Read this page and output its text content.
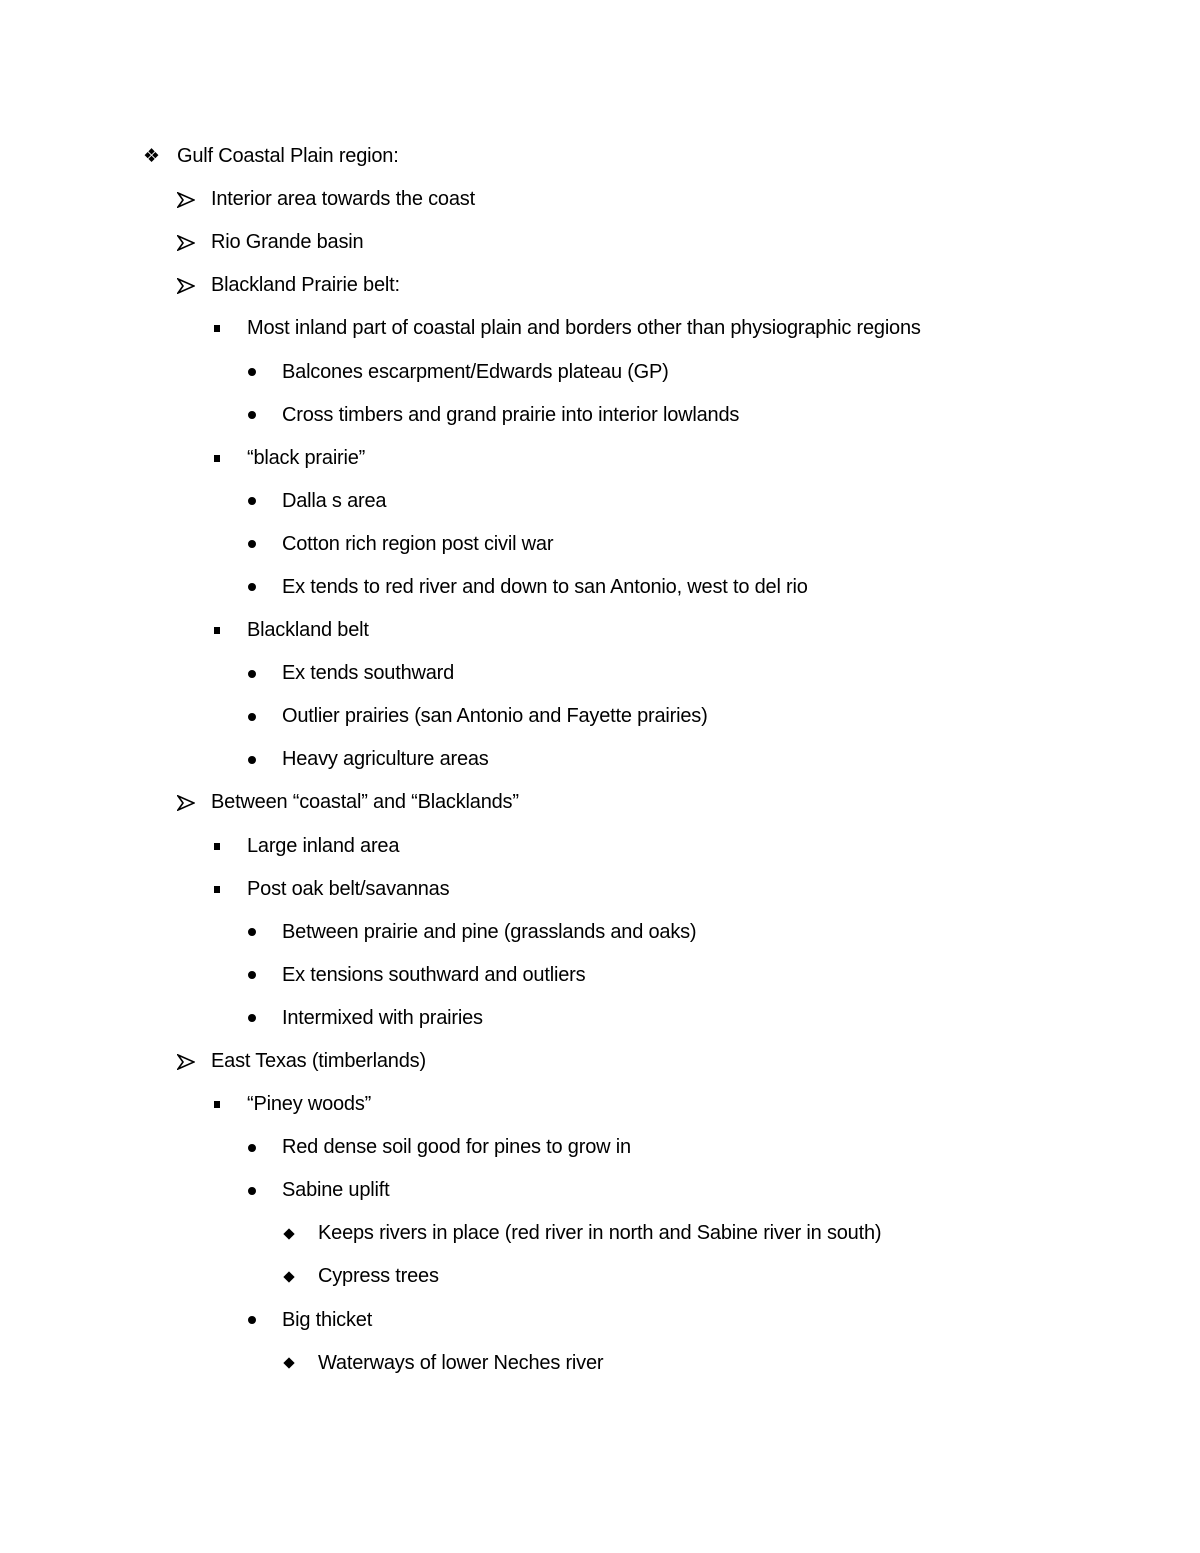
❖ Gulf Coastal Plain region:
Interior area towards the coast
Rio Grande basin
Blackland Prairie belt:
Most inland part of coastal plain and borders other than physiographic regions
Balcones escarpment/Edwards plateau (GP)
Cross timbers and grand prairie into interior lowlands
“black prairie”
Dalla s area
Cotton rich region post civil war
Ex tends to red river and down to san Antonio, west to del rio
Blackland belt
Ex tends southward
Outlier prairies (san Antonio and Fayette prairies)
Heavy agriculture areas
Between “coastal” and “Blacklands”
Large inland area
Post oak belt/savannas
Between prairie and pine (grasslands and oaks)
Ex tensions southward and outliers
Intermixed with prairies
East Texas (timberlands)
“Piney woods”
Red dense soil good for pines to grow in
Sabine uplift
Keeps rivers in place (red river in north and Sabine river in south)
Cypress trees
Big thicket
Waterways of lower Neches river
